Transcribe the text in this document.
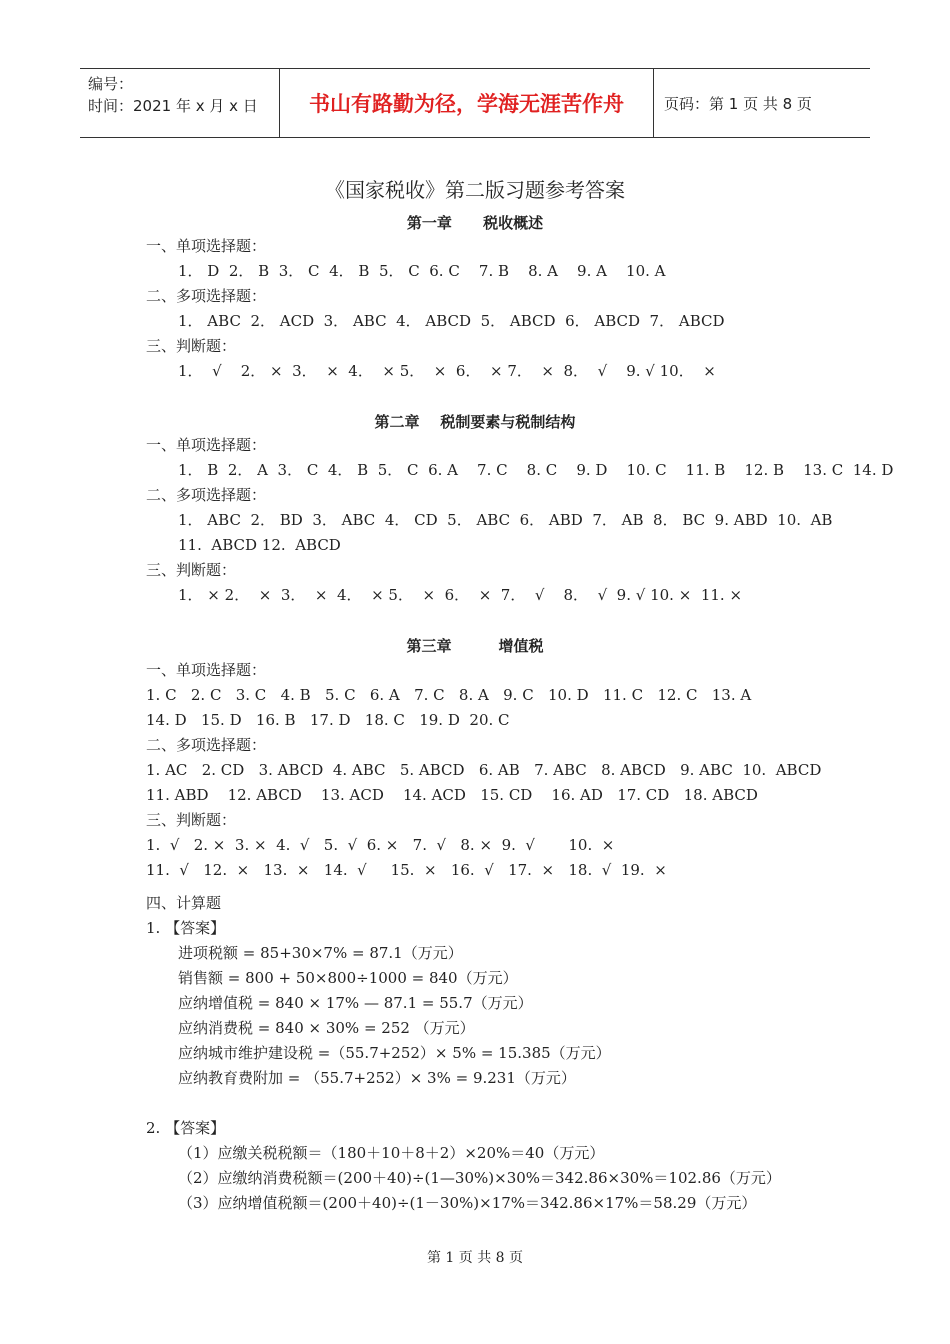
编号：
时间：2021 年 x 月 x 日	书山有路勤为径，学海无涯苦作舟	页码：第 1 页 共 8 页
《国家税收》第二版习题参考答案
第一章      税收概述
一、单项选择题：
1． D  2． B  3． C  4． B  5． C  6. C    7. B    8. A    9. A    10. A
二、多项选择题：
1． ABC  2． ACD  3． ABC  4． ABCD  5． ABCD  6． ABCD  7． ABCD
三、判断题：
1．  √    2． ×  3．  ×  4．  × 5．  ×  6．  × 7．  ×  8．  √    9. √ 10．  ×
第二章    税制要素与税制结构
一、单项选择题：
1． B  2． A  3． C  4． B  5． C  6. A    7. C    8. C    9. D    10. C    11. B    12. B    13. C  14. D
二、多项选择题：
1． ABC  2． BD  3． ABC  4． CD  5． ABC  6． ABD  7． AB  8． BC  9. ABD  10.  AB
11.  ABCD 12.  ABCD
三、判断题：
1． × 2．  ×  3．  ×  4．  × 5．  ×  6．  ×  7．  √    8．  √  9. √ 10. ×  11. ×
第三章         增值税
一、单项选择题：
1. C   2. C   3. C   4. B   5. C   6. A   7. C   8. A   9. C   10. D   11. C   12. C   13. A
14. D   15. D   16. B   17. D   18. C   19. D  20. C
二、多项选择题：
1. AC   2. CD   3. ABCD  4. ABC   5. ABCD   6. AB   7. ABC   8. ABCD   9. ABC  10.  ABCD
11. ABD    12. ABCD    13. ACD    14. ACD   15. CD    16. AD   17. CD   18. ABCD
三、判断题：
1.  √   2. ×  3. ×  4.  √   5.  √  6. ×   7.  √   8. ×  9.  √       10.  ×
11.  √   12.  ×   13.  ×   14.  √     15.  ×   16.  √   17.  ×   18.  √  19.  ×
四、计算题
1. 【答案】
进项税额 = 85+30×7% = 87.1（万元）
销售额 = 800 + 50×800÷1000 = 840（万元）
应纳增值税 = 840 × 17% — 87.1 = 55.7（万元）
应纳消费税 = 840 × 30% = 252 （万元）
应纳城市维护建设税 =（55.7+252）× 5% = 15.385（万元）
应纳教育费附加 = （55.7+252）× 3% = 9.231（万元）
2. 【答案】
（1）应缴关税税额＝（180＋10＋8＋2）×20%＝40（万元）
（2）应缴纳消费税额＝(200＋40)÷(1—30%)×30%＝342.86×30%＝102.86（万元）
（3）应纳增值税额＝(200＋40)÷(1－30%)×17%＝342.86×17%＝58.29（万元）
第 1 页 共 8 页
